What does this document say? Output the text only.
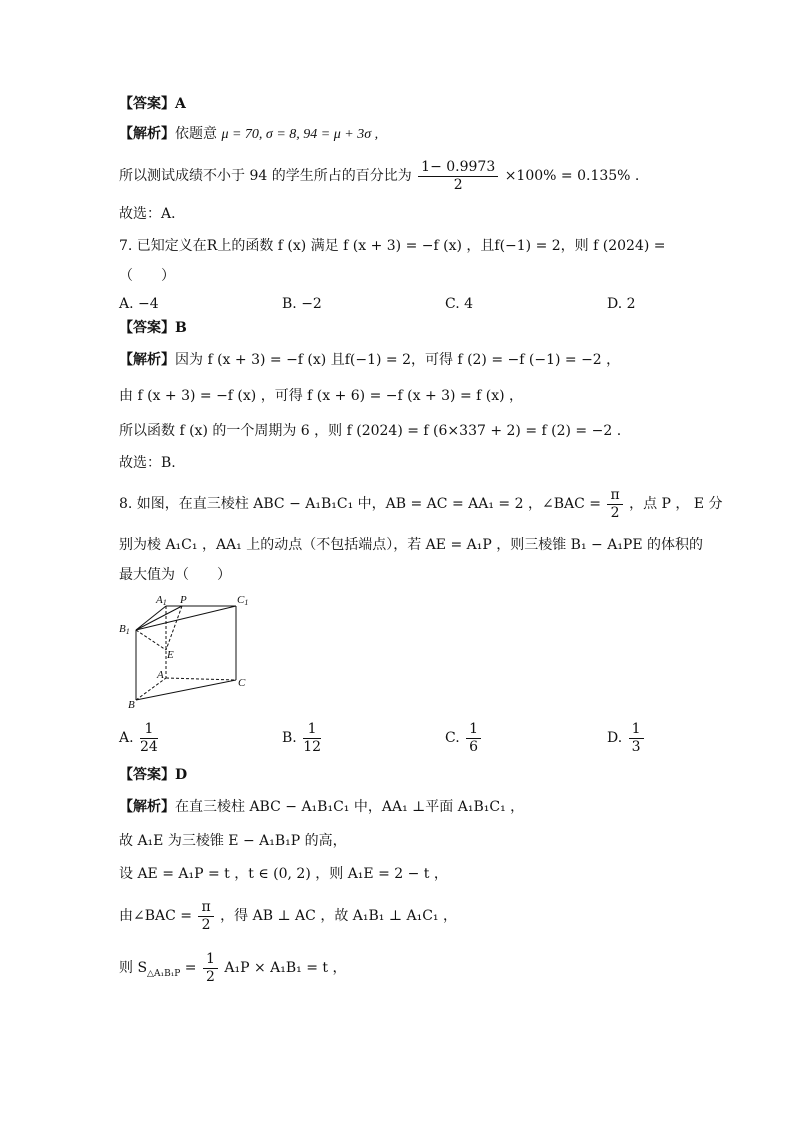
【答案】A
【解析】依题意 μ = 70, σ = 8, 94 = μ + 3σ ,
所以测试成绩不小于 94 的学生所占的百分比为 $\frac{1- 0.9973}{2} \times 100\% = 0.135\%$ .
故选：A．
7. 已知定义在R上的函数 f (x) 满足 f (x + 3) = −f (x) ，且f(−1) = 2，则 f (2024) =
（　　）
A. −4	B. −2	C. 4	D. 2
【答案】B
【解析】因为 f (x + 3) = −f (x) 且f(−1) = 2，可得 f (2) = −f (−1) = −2 ，
由 f (x + 3) = −f (x) ，可得 f (x + 6) = −f (x + 3) = f (x) ，
所以函数 f (x) 的一个周期为 6 ，则 f (2024) = f (6×337 + 2) = f (2) = −2 .
故选：B.
8. 如图，在直三棱柱 ABC − A₁B₁C₁ 中，AB = AC = AA₁ = 2 ，∠BAC = $\frac{\pi}{2}$ ，点 P ， E 分
别为棱 A₁C₁ ，AA₁ 上的动点（不包括端点），若 AE = A₁P ，则三棱锥 B₁ − A₁PE 的体积的
最大值为（　　）
A1 P	C1
B1
E
A
C
B
A. $\frac{1}{24}$	B. $\frac{1}{12}$	C. $\frac{1}{6}$	D. $\frac{1}{3}$
【答案】D
【解析】在直三棱柱 ABC − A₁B₁C₁ 中，AA₁ ⊥平面 A₁B₁C₁ ，
故 A₁E 为三棱锥 E − A₁B₁P 的高，
设 AE = A₁P = t ，t ∈ (0, 2) ，则 A₁E = 2 − t ，
由∠BAC = $\frac{\pi}{2}$ ，得 AB ⊥ AC ，故 A₁B₁ ⊥ A₁C₁ ，
则 $S_{\triangle A_1B_1P} = \frac{1}{2} A_1P \times A_1B_1 = t$ ，
